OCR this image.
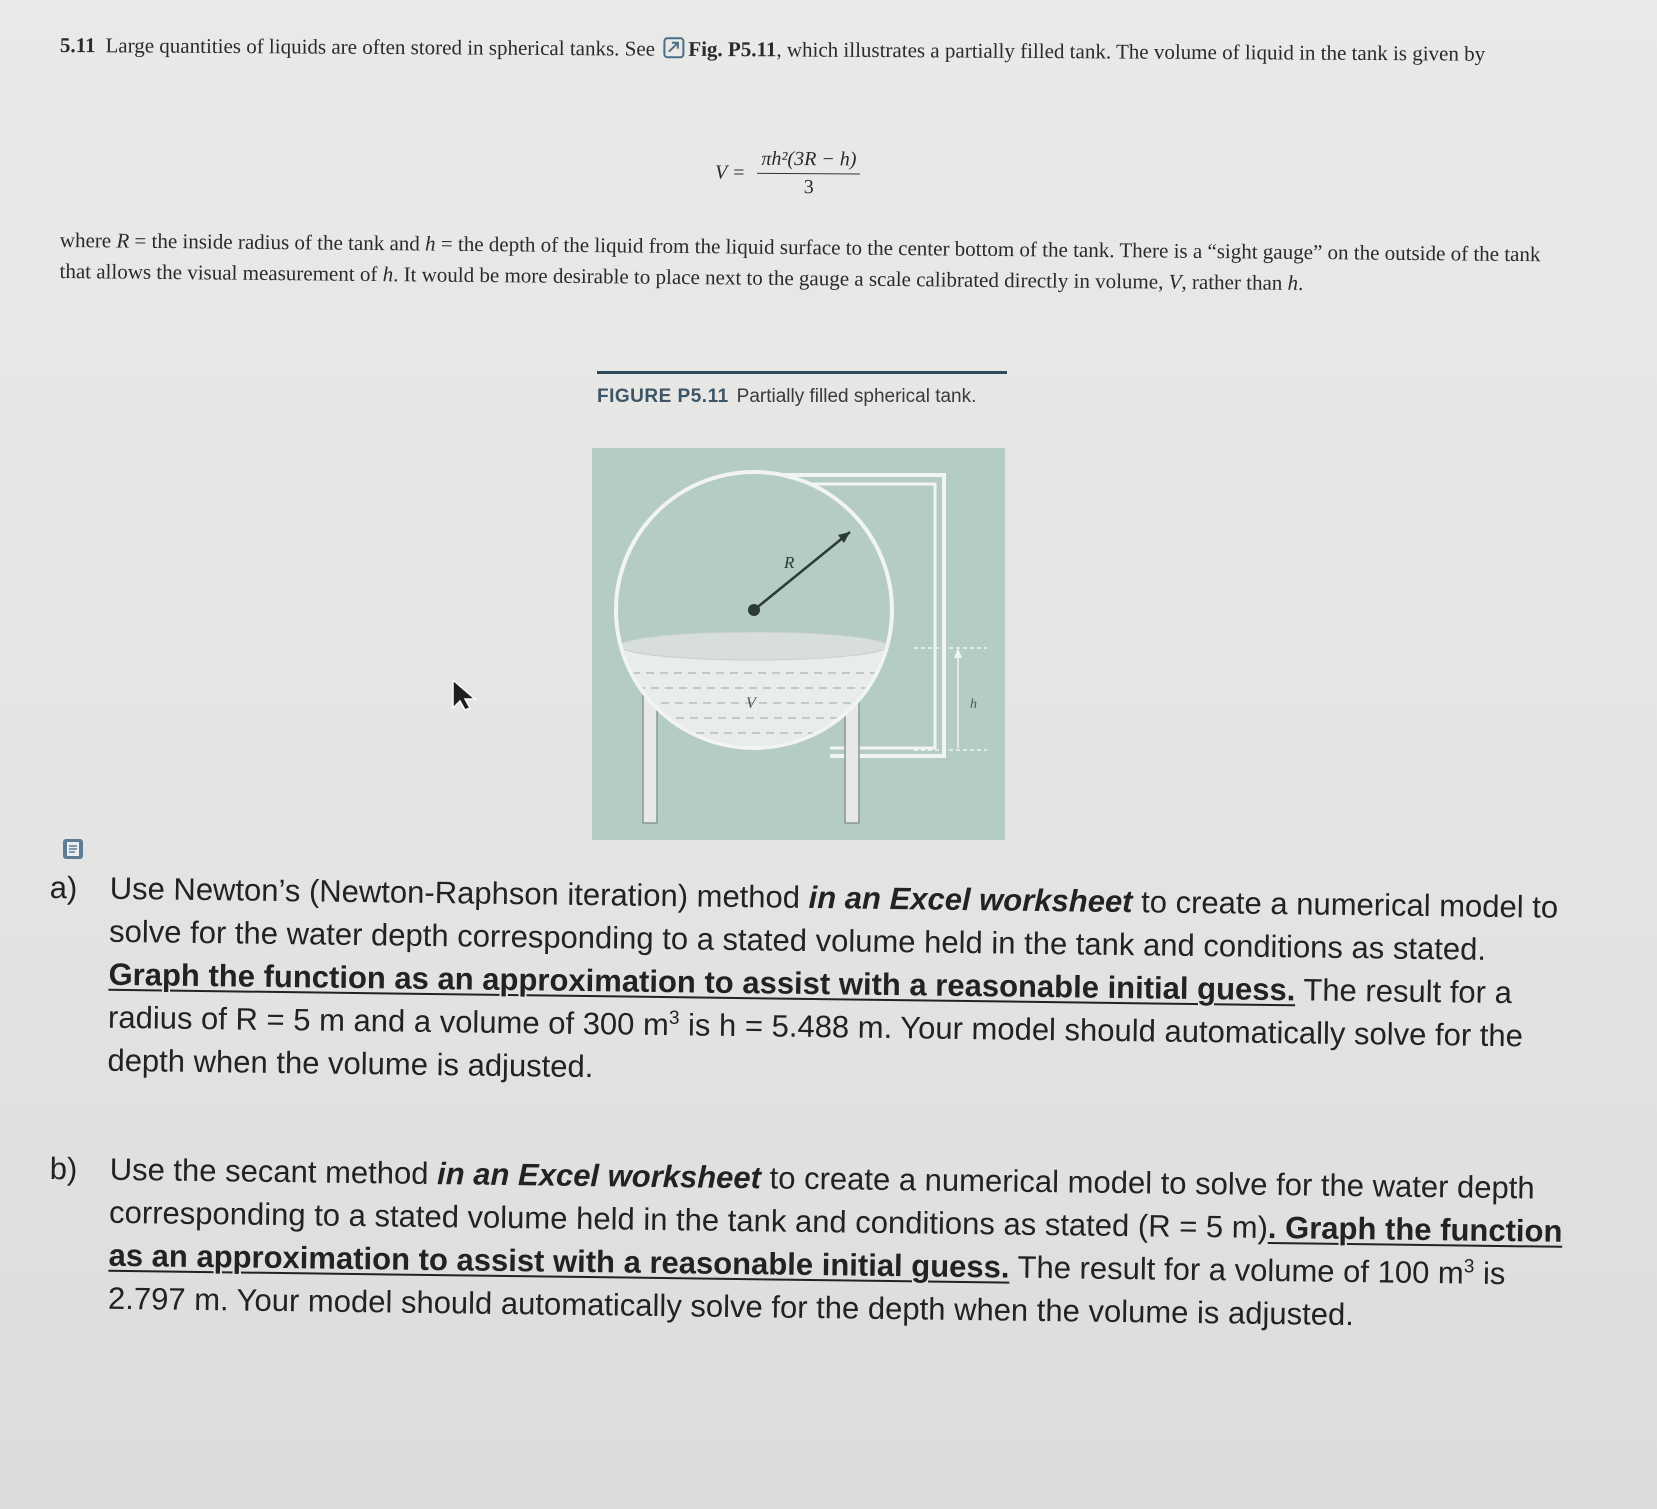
5.11 Large quantities of liquids are often stored in spherical tanks. See Fig. P5.11, which illustrates a partially filled tank. The volume of liquid in the tank is given by
$V = \frac{\text{πh²(3R − h)}}{3}$
where R = the inside radius of the tank and h = the depth of the liquid from the liquid surface to the center bottom of the tank. There is a “sight gauge” on the outside of the tank that allows the visual measurement of h. It would be more desirable to place next to the gauge a scale calibrated directly in volume, V, rather than h.
FIGURE P5.11 Partially filled spherical tank.
R
V	h
a) Use Newton’s (Newton-Raphson iteration) method in an Excel worksheet to create a numerical model to solve for the water depth corresponding to a stated volume held in the tank and conditions as stated. Graph the function as an approximation to assist with a reasonable initial guess. The result for a radius of R = 5 m and a volume of 300 $m^3$ is h = 5.488 m. Your model should automatically solve for the depth when the volume is adjusted.
b) Use the secant method in an Excel worksheet to create a numerical model to solve for the water depth corresponding to a stated volume held in the tank and conditions as stated (R = 5 m). Graph the function as an approximation to assist with a reasonable initial guess. The result for a volume of 100 $m^3$ is 2.797 m. Your model should automatically solve for the depth when the volume is adjusted.
